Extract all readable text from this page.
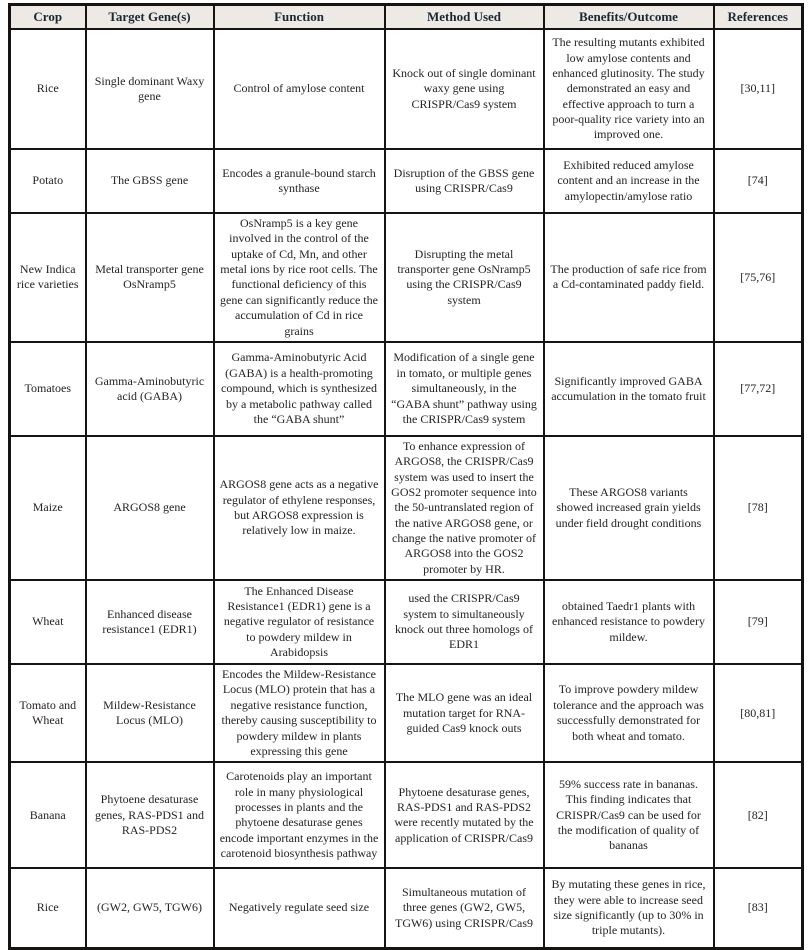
Crop	Target Gene(s)	Function	Method Used	Benefits/Outcome	References
Rice	Single dominant Waxy gene	Control of amylose content	Knock out of single dominant waxy gene using CRISPR/Cas9 system	The resulting mutants exhibited low amylose contents and enhanced glutinosity. The study demonstrated an easy and effective approach to turn a poor-quality rice variety into an improved one.	[30,11]
Potato	The GBSS gene	Encodes a granule-bound starch synthase	Disruption of the GBSS gene using CRISPR/Cas9	Exhibited reduced amylose content and an increase in the amylopectin/amylose ratio	[74]
New Indica rice varieties	Metal transporter gene OsNramp5	OsNramp5 is a key gene involved in the control of the uptake of Cd, Mn, and other metal ions by rice root cells. The functional deficiency of this gene can significantly reduce the accumulation of Cd in rice grains	Disrupting the metal transporter gene OsNramp5 using the CRISPR/Cas9 system	The production of safe rice from a Cd-contaminated paddy field.	[75,76]
Tomatoes	Gamma-Aminobutyric acid (GABA)	Gamma-Aminobutyric Acid (GABA) is a health-promoting compound, which is synthesized by a metabolic pathway called the “GABA shunt”	Modification of a single gene in tomato, or multiple genes simultaneously, in the “GABA shunt” pathway using the CRISPR/Cas9 system	Significantly improved GABA accumulation in the tomato fruit	[77,72]
Maize	ARGOS8 gene	ARGOS8 gene acts as a negative regulator of ethylene responses, but ARGOS8 expression is relatively low in maize.	To enhance expression of ARGOS8, the CRISPR/Cas9 system was used to insert the GOS2 promoter sequence into the 50-untranslated region of the native ARGOS8 gene, or change the native promoter of ARGOS8 into the GOS2 promoter by HR.	These ARGOS8 variants showed increased grain yields under field drought conditions	[78]
Wheat	Enhanced disease resistance1 (EDR1)	The Enhanced Disease Resistance1 (EDR1) gene is a negative regulator of resistance to powdery mildew in Arabidopsis	used the CRISPR/Cas9 system to simultaneously knock out three homologs of EDR1	obtained Taedr1 plants with enhanced resistance to powdery mildew.	[79]
Tomato and Wheat	Mildew-Resistance Locus (MLO)	Encodes the Mildew-Resistance Locus (MLO) protein that has a negative resistance function, thereby causing susceptibility to powdery mildew in plants expressing this gene	The MLO gene was an ideal mutation target for RNA-guided Cas9 knock outs	To improve powdery mildew tolerance and the approach was successfully demonstrated for both wheat and tomato.	[80,81]
Banana	Phytoene desaturase genes, RAS-PDS1 and RAS-PDS2	Carotenoids play an important role in many physiological processes in plants and the phytoene desaturase genes encode important enzymes in the carotenoid biosynthesis pathway	Phytoene desaturase genes, RAS-PDS1 and RAS-PDS2 were recently mutated by the application of CRISPR/Cas9	59% success rate in bananas. This finding indicates that CRISPR/Cas9 can be used for the modification of quality of bananas	[82]
Rice	(GW2, GW5, TGW6)	Negatively regulate seed size	Simultaneous mutation of three genes (GW2, GW5, TGW6) using CRISPR/Cas9	By mutating these genes in rice, they were able to increase seed size significantly (up to 30% in triple mutants).	[83]
